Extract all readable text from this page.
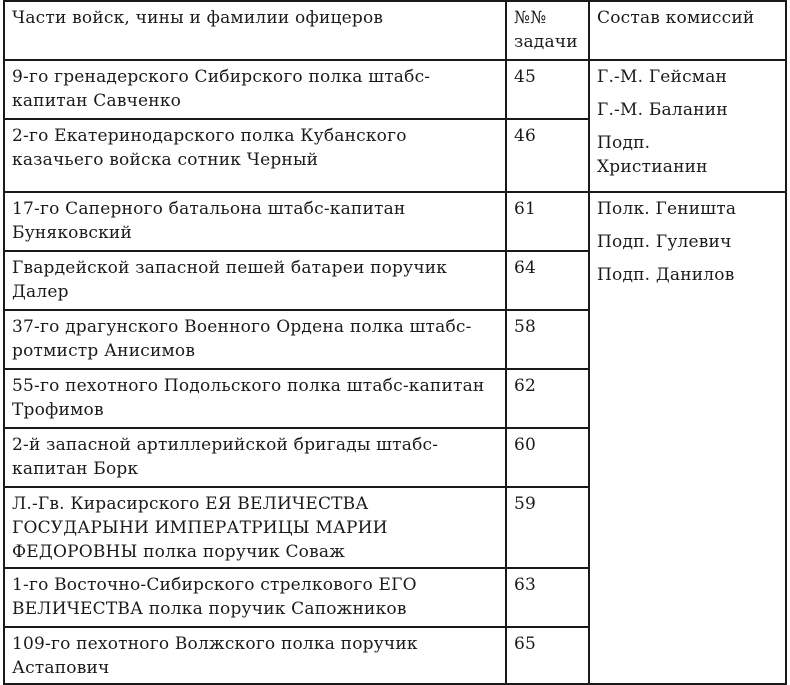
Части войск, чины и фамилии офицеров	№№ задачи	Состав комиссий
9-го гренадерского Сибирского полка штабс-капитан Савченко	45	Г.-М. Гейсман
Г.-М. Баланин
Подп. Христианин

2-го Екатеринодарского полка Кубанского казачьего войска сотник Черный	46	
17-го Саперного батальона штабс-капитан Буняковский	61	Полк. Геништа
Подп. Гулевич
Подп. Данилов

Гвардейской запасной пешей батареи поручик Далер	64	
37-го драгунского Военного Ордена полка штабс-ротмистр Анисимов	58	
55-го пехотного Подольского полка штабс-капитан Трофимов	62	
2-й запасной артиллерийской бригады штабс-капитан Борк	60	
Л.-Гв. Кирасирского ЕЯ ВЕЛИЧЕСТВА ГОСУДАРЫНИ ИМПЕРАТРИЦЫ МАРИИ ФЕДОРОВНЫ полка поручик Соваж	59	
1-го Восточно-Сибирского стрелкового ЕГО ВЕЛИЧЕСТВА полка поручик Сапожников	63	
109-го пехотного Волжского полка поручик Астапович	65	
